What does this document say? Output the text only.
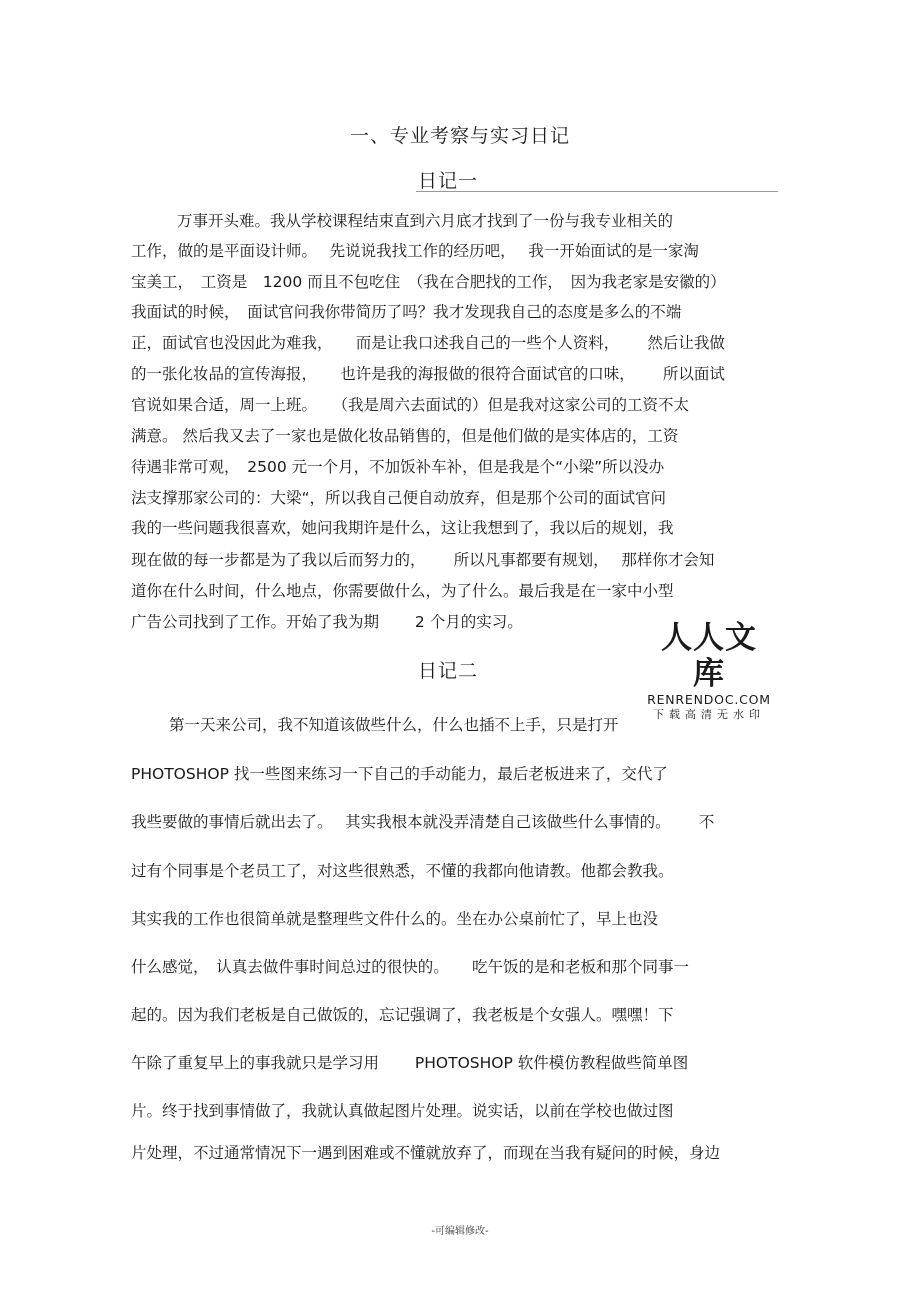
一、专业考察与实习日记
日记一
万事开头难。我从学校课程结束直到六月底才找到了一份与我专业相关的
工作，做的是平面设计师。　 先说说我找工作的经历吧，　 我一开始面试的是一家淘
宝美工，　工资是　1200 而且不包吃住　（我在合肥找的工作，　因为我老家是安徽的）
我面试的时候，　面试官问我你带简历了吗？我才发现我自己的态度是多么的不端
正，面试官也没因此为难我，　　而是让我口述我自己的一些个人资料，　　 然后让我做
的一张化妆品的宣传海报，　　也许是我的海报做的很符合面试官的口味，　　 所以面试
官说如果合适，周一上班。　　（我是周六去面试的）但是我对这家公司的工资不太
满意。 然后我又去了一家也是做化妆品销售的，但是他们做的是实体店的，工资
待遇非常可观，　2500 元一个月，不加饭补车补，但是我是个“小梁”所以没办
法支撑那家公司的：大梁“，所以我自己便自动放弃，但是那个公司的面试官问
我的一些问题我很喜欢，她问我期许是什么，这让我想到了，我以后的规划，我
现在做的每一步都是为了我以后而努力的，　　 所以凡事都要有规划，　 那样你才会知
道你在什么时间，什么地点，你需要做什么，为了什么。最后我是在一家中小型
广告公司找到了工作。开始了我为期　　 2 个月的实习。	人人文库
RENRENDOC.COM
下载高清无水印
日记二
第一天来公司，我不知道该做些什么，什么也插不上手，只是打开
PHOTOSHOP 找一些图来练习一下自己的手动能力，最后老板进来了，交代了
我些要做的事情后就出去了。　 其实我根本就没弄清楚自己该做些什么事情的。　　 不
过有个同事是个老员工了，对这些很熟悉，不懂的我都向他请教。他都会教我。
其实我的工作也很简单就是整理些文件什么的。坐在办公桌前忙了，早上也没
什么感觉，　认真去做件事时间总过的很快的。　　吃午饭的是和老板和那个同事一
起的。因为我们老板是自己做饭的，忘记强调了，我老板是个女强人。嘿嘿！下
午除了重复早上的事我就只是学习用　　 PHOTOSHOP 软件模仿教程做些简单图
片。终于找到事情做了，我就认真做起图片处理。说实话，以前在学校也做过图
片处理，不过通常情况下一遇到困难或不懂就放弃了，而现在当我有疑问的时候，身边
-可编辑修改-
